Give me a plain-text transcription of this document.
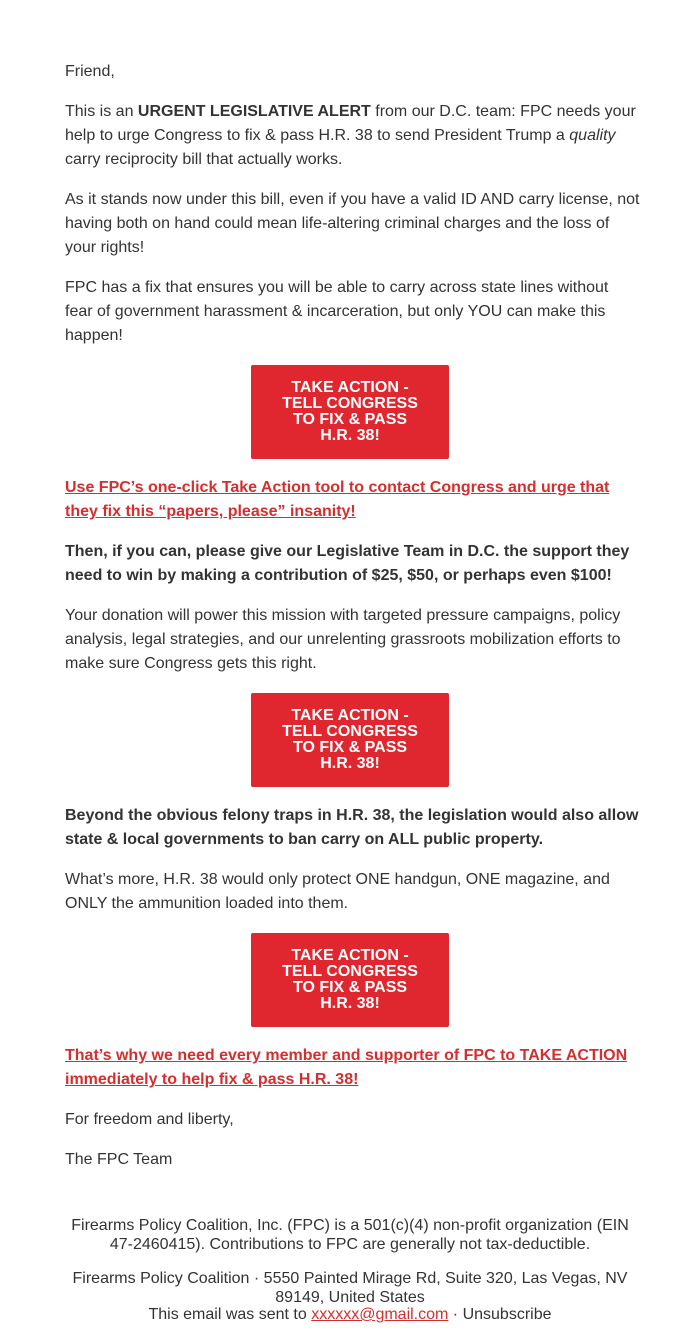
Friend,

This is an URGENT LEGISLATIVE ALERT from our D.C. team: FPC needs your help to urge Congress to fix & pass H.R. 38 to send President Trump a quality carry reciprocity bill that actually works.

As it stands now under this bill, even if you have a valid ID AND carry license, not having both on hand could mean life-altering criminal charges and the loss of your rights!

FPC has a fix that ensures you will be able to carry across state lines without fear of government harassment & incarceration, but only YOU can make this happen!

Use FPC’s one-click Take Action tool to contact Congress and urge that they fix this “papers, please” insanity!

Then, if you can, please give our Legislative Team in D.C. the support they need to win by making a contribution of $25, $50, or perhaps even $100!

Your donation will power this mission with targeted pressure campaigns, policy analysis, legal strategies, and our unrelenting grassroots mobilization efforts to make sure Congress gets this right.

Beyond the obvious felony traps in H.R. 38, the legislation would also allow state & local governments to ban carry on ALL public property.

What’s more, H.R. 38 would only protect ONE handgun, ONE magazine, and ONLY the ammunition loaded into them.

That’s why we need every member and supporter of FPC to TAKE ACTION immediately to help fix & pass H.R. 38!

For freedom and liberty,

The FPC Team

TAKE ACTION - TELL CONGRESS TO FIX & PASS H.R. 38!
TAKE ACTION - TELL CONGRESS TO FIX & PASS H.R. 38!
TAKE ACTION - TELL CONGRESS TO FIX & PASS H.R. 38!
Firearms Policy Coalition, Inc. (FPC) is a 501(c)(4) non-profit organization (EIN 47-2460415). Contributions to FPC are generally not tax-deductible.
Firearms Policy Coalition · 5550 Painted Mirage Rd, Suite 320, Las Vegas, NV 89149, United States
This email was sent to xxxxxx@gmail.com · Unsubscribe
